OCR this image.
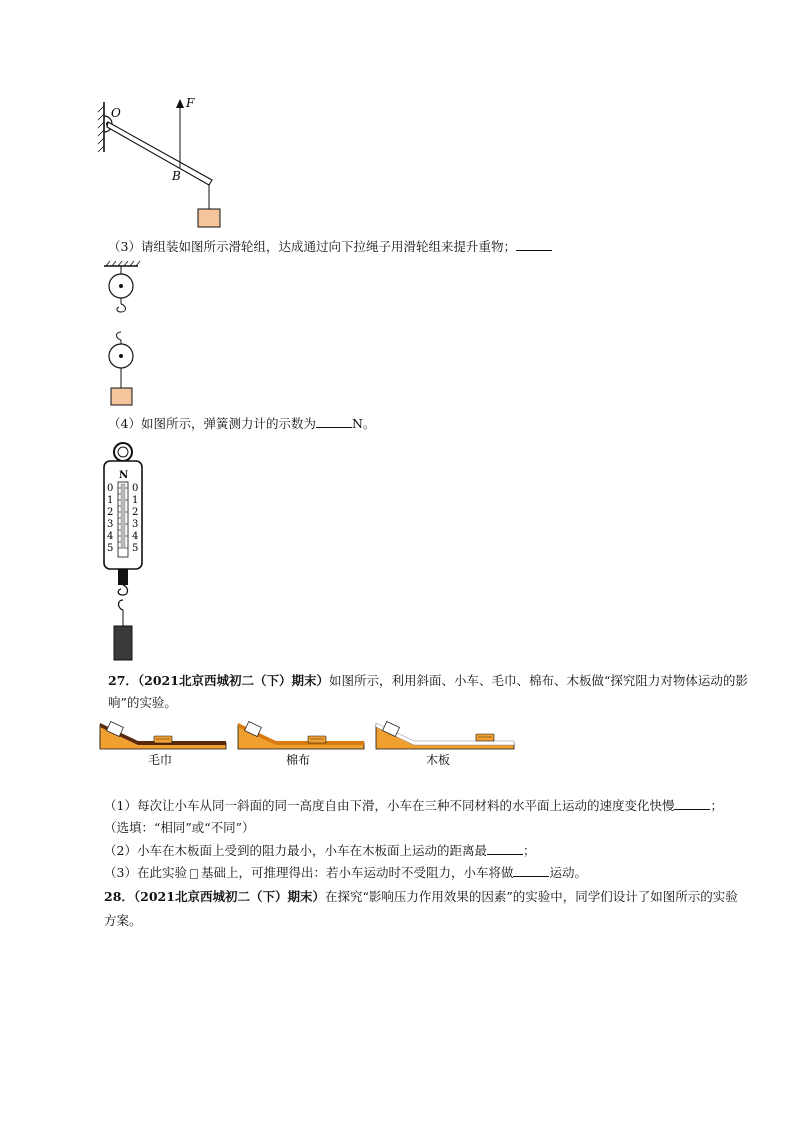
O
F
B
（3）请组装如图所示滑轮组，达成通过向下拉绳子用滑轮组来提升重物；
（4）如图所示，弹簧测力计的示数为	N。
N
0
1
2
3
4
5
0
1
2
3
4
5
27．（2021北京西城初二（下）期末）如图所示，利用斜面、小车、毛巾、棉布、木板做“探究阻力对物体运动的影
响”的实验。
毛巾	棉布	木板
（1）每次让小车从同一斜面的同一高度自由下滑，小车在三种不同材料的水平面上运动的速度变化快慢	；
（选填：“相同”或“不同”）
（2）小车在木板面上受到的阻力最小，小车在木板面上运动的距离最	；
（3）在此实验 基础上，可推理得出：若小车运动时不受阻力，小车将做	运动。
28．（2021北京西城初二（下）期末）在探究“影响压力作用效果的因素”的实验中，同学们设计了如图所示的实验
方案。
